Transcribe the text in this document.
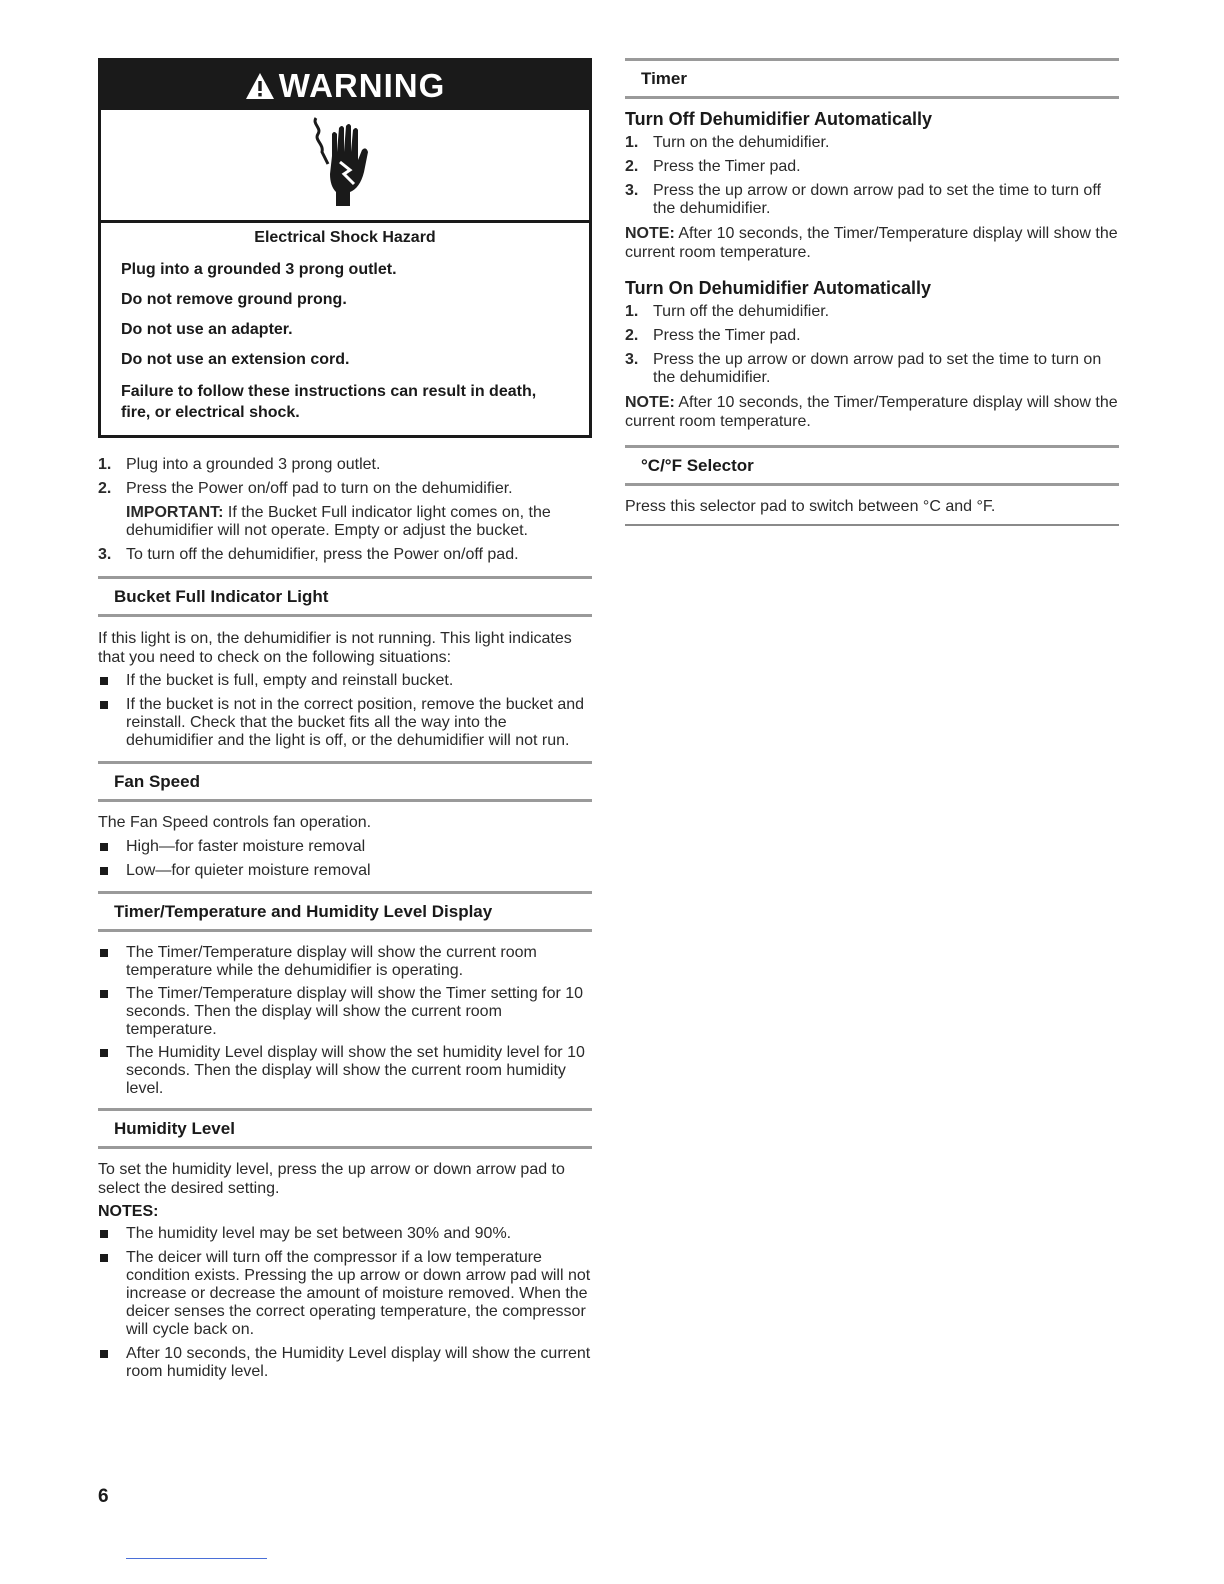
WARNING

Electrical Shock Hazard

Plug into a grounded 3 prong outlet.

Do not remove ground prong.

Do not use an adapter.

Do not use an extension cord.

Failure to follow these instructions can result in death, fire, or electrical shock.

1. Plug into a grounded 3 prong outlet.
2. Press the Power on/off pad to turn on the dehumidifier.
IMPORTANT: If the Bucket Full indicator light comes on, the dehumidifier will not operate. Empty or adjust the bucket.
3. To turn off the dehumidifier, press the Power on/off pad.
Bucket Full Indicator Light

If this light is on, the dehumidifier is not running. This light indicates that you need to check on the following situations:

If the bucket is full, empty and reinstall bucket.
If the bucket is not in the correct position, remove the bucket and reinstall. Check that the bucket fits all the way into the dehumidifier and the light is off, or the dehumidifier will not run.
Fan Speed

The Fan Speed controls fan operation.

High—for faster moisture removal
Low—for quieter moisture removal
Timer/Temperature and Humidity Level Display
The Timer/Temperature display will show the current room temperature while the dehumidifier is operating.
The Timer/Temperature display will show the Timer setting for 10 seconds. Then the display will show the current room temperature.
The Humidity Level display will show the set humidity level for 10 seconds. Then the display will show the current room humidity level.
Humidity Level

To set the humidity level, press the up arrow or down arrow pad to select the desired setting.

NOTES:

The humidity level may be set between 30% and 90%.
The deicer will turn off the compressor if a low temperature condition exists. Pressing the up arrow or down arrow pad will not increase or decrease the amount of moisture removed. When the deicer senses the correct operating temperature, the compressor will cycle back on.
After 10 seconds, the Humidity Level display will show the current room humidity level.
Timer

Turn Off Dehumidifier Automatically

1. Turn on the dehumidifier.
2. Press the Timer pad.
3. Press the up arrow or down arrow pad to set the time to turn off the dehumidifier.

NOTE: After 10 seconds, the Timer/Temperature display will show the current room temperature.

Turn On Dehumidifier Automatically

1. Turn off the dehumidifier.
2. Press the Timer pad.
3. Press the up arrow or down arrow pad to set the time to turn on the dehumidifier.

NOTE: After 10 seconds, the Timer/Temperature display will show the current room temperature.

°C/°F Selector

Press this selector pad to switch between °C and °F.

6
